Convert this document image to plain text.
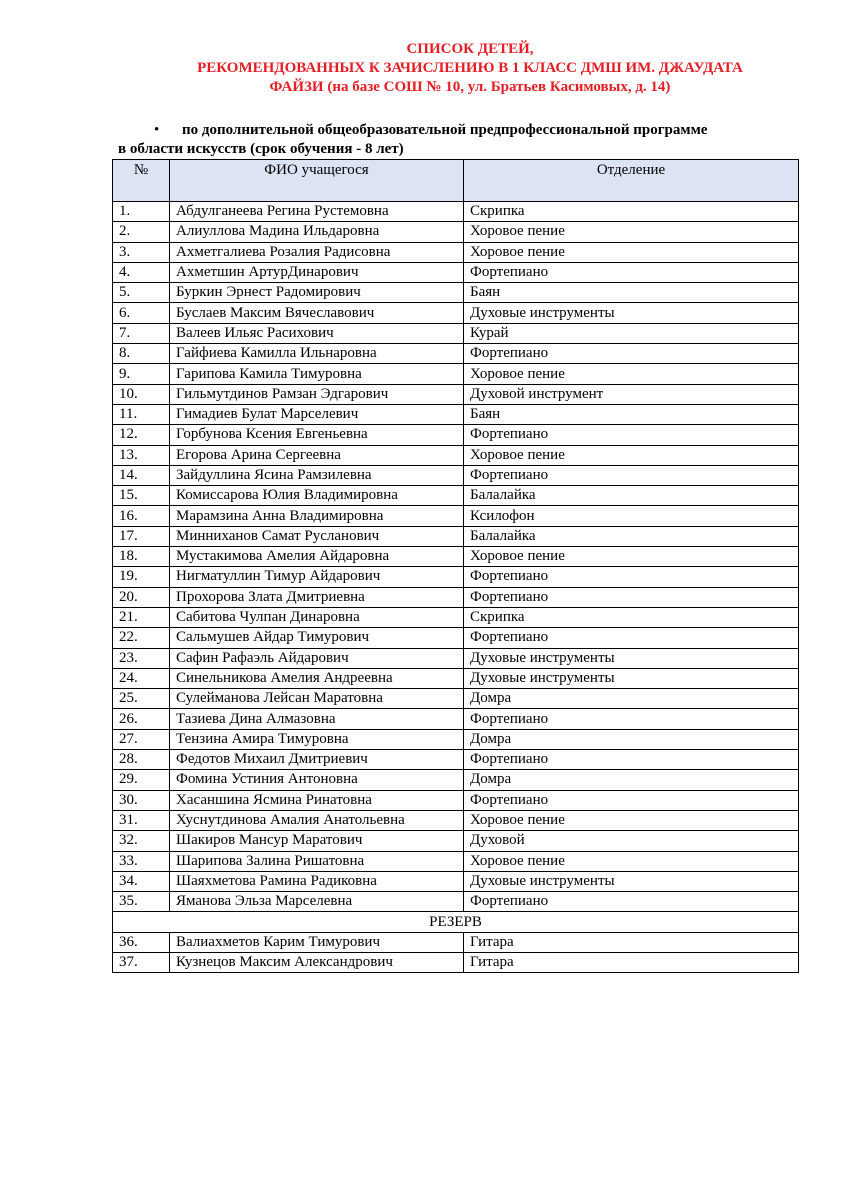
СПИСОК ДЕТЕЙ,
РЕКОМЕНДОВАННЫХ К ЗАЧИСЛЕНИЮ В 1 КЛАСС ДМШ ИМ. ДЖАУДАТА
ФАЙЗИ (на базе СОШ № 10, ул. Братьев Касимовых, д. 14)
• по дополнительной общеобразовательной предпрофессиональной программе
в области искусств (срок обучения - 8 лет)
№	ФИО учащегося	Отделение
1.	Абдулганеева Регина Рустемовна	Скрипка
2.	Алиуллова Мадина Ильдаровна	Хоровое пение
3.	Ахметгалиева Розалия Радисовна	Хоровое пение
4.	Ахметшин АртурДинарович	Фортепиано
5.	Буркин Эрнест Радомирович	Баян
6.	Буслаев Максим Вячеславович	Духовые инструменты
7.	Валеев Ильяс Расихович	Курай
8.	Гайфиева Камилла Ильнаровна	Фортепиано
9.	Гарипова Камила Тимуровна	Хоровое пение
10.	Гильмутдинов Рамзан Эдгарович	Духовой инструмент
11.	Гимадиев Булат Марселевич	Баян
12.	Горбунова Ксения Евгеньевна	Фортепиано
13.	Егорова Арина Сергеевна	Хоровое пение
14.	Зайдуллина Ясина Рамзилевна	Фортепиано
15.	Комиссарова Юлия Владимировна	Балалайка
16.	Марамзина Анна Владимировна	Ксилофон
17.	Минниханов Самат Русланович	Балалайка
18.	Мустакимова Амелия Айдаровна	Хоровое пение
19.	Нигматуллин Тимур Айдарович	Фортепиано
20.	Прохорова Злата Дмитриевна	Фортепиано
21.	Сабитова Чулпан Динаровна	Скрипка
22.	Сальмушев Айдар Тимурович	Фортепиано
23.	Сафин Рафаэль Айдарович	Духовые инструменты
24.	Синельникова Амелия Андреевна	Духовые инструменты
25.	Сулейманова Лейсан Маратовна	Домра
26.	Тазиева Дина Алмазовна	Фортепиано
27.	Тензина Амира Тимуровна	Домра
28.	Федотов Михаил Дмитриевич	Фортепиано
29.	Фомина Устиния Антоновна	Домра
30.	Хасаншина Ясмина Ринатовна	Фортепиано
31.	Хуснутдинова Амалия Анатольевна	Хоровое пение
32.	Шакиров Мансур Маратович	Духовой
33.	Шарипова Залина Ришатовна	Хоровое пение
34.	Шаяхметова Рамина Радиковна	Духовые инструменты
35.	Яманова Эльза Марселевна	Фортепиано
РЕЗЕРВ		
36.	Валиахметов Карим Тимурович	Гитара
37.	Кузнецов Максим Александрович	Гитара
